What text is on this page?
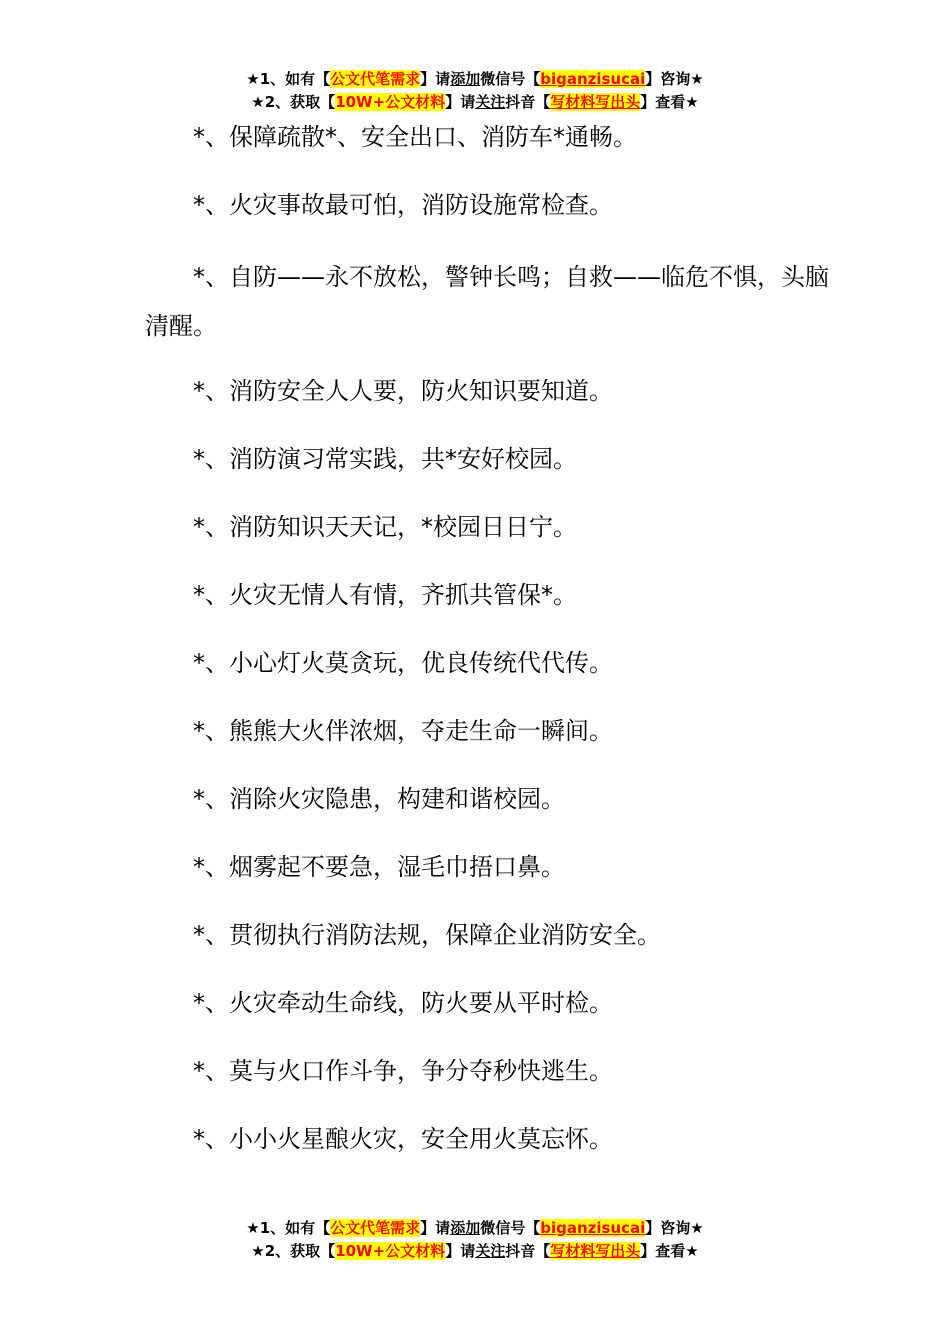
★1、如有【公文代笔需求】请添加微信号【biganzisucai】咨询★
★2、获取【10W+公文材料】请关注抖音【写材料写出头】查看★

*、保障疏散*、安全出口、消防车*通畅。

*、火灾事故最可怕，消防设施常检查。

*、自防——永不放松，警钟长鸣；自救——临危不惧，头脑清醒。

*、消防安全人人要，防火知识要知道。

*、消防演习常实践，共*安好校园。

*、消防知识天天记，*校园日日宁。

*、火灾无情人有情，齐抓共管保*。

*、小心灯火莫贪玩，优良传统代代传。

*、熊熊大火伴浓烟，夺走生命一瞬间。

*、消除火灾隐患，构建和谐校园。

*、烟雾起不要急，湿毛巾捂口鼻。

*、贯彻执行消防法规，保障企业消防安全。

*、火灾牵动生命线，防火要从平时检。

*、莫与火口作斗争，争分夺秒快逃生。

*、小小火星酿火灾，安全用火莫忘怀。

★1、如有【公文代笔需求】请添加微信号【biganzisucai】咨询★
★2、获取【10W+公文材料】请关注抖音【写材料写出头】查看★
